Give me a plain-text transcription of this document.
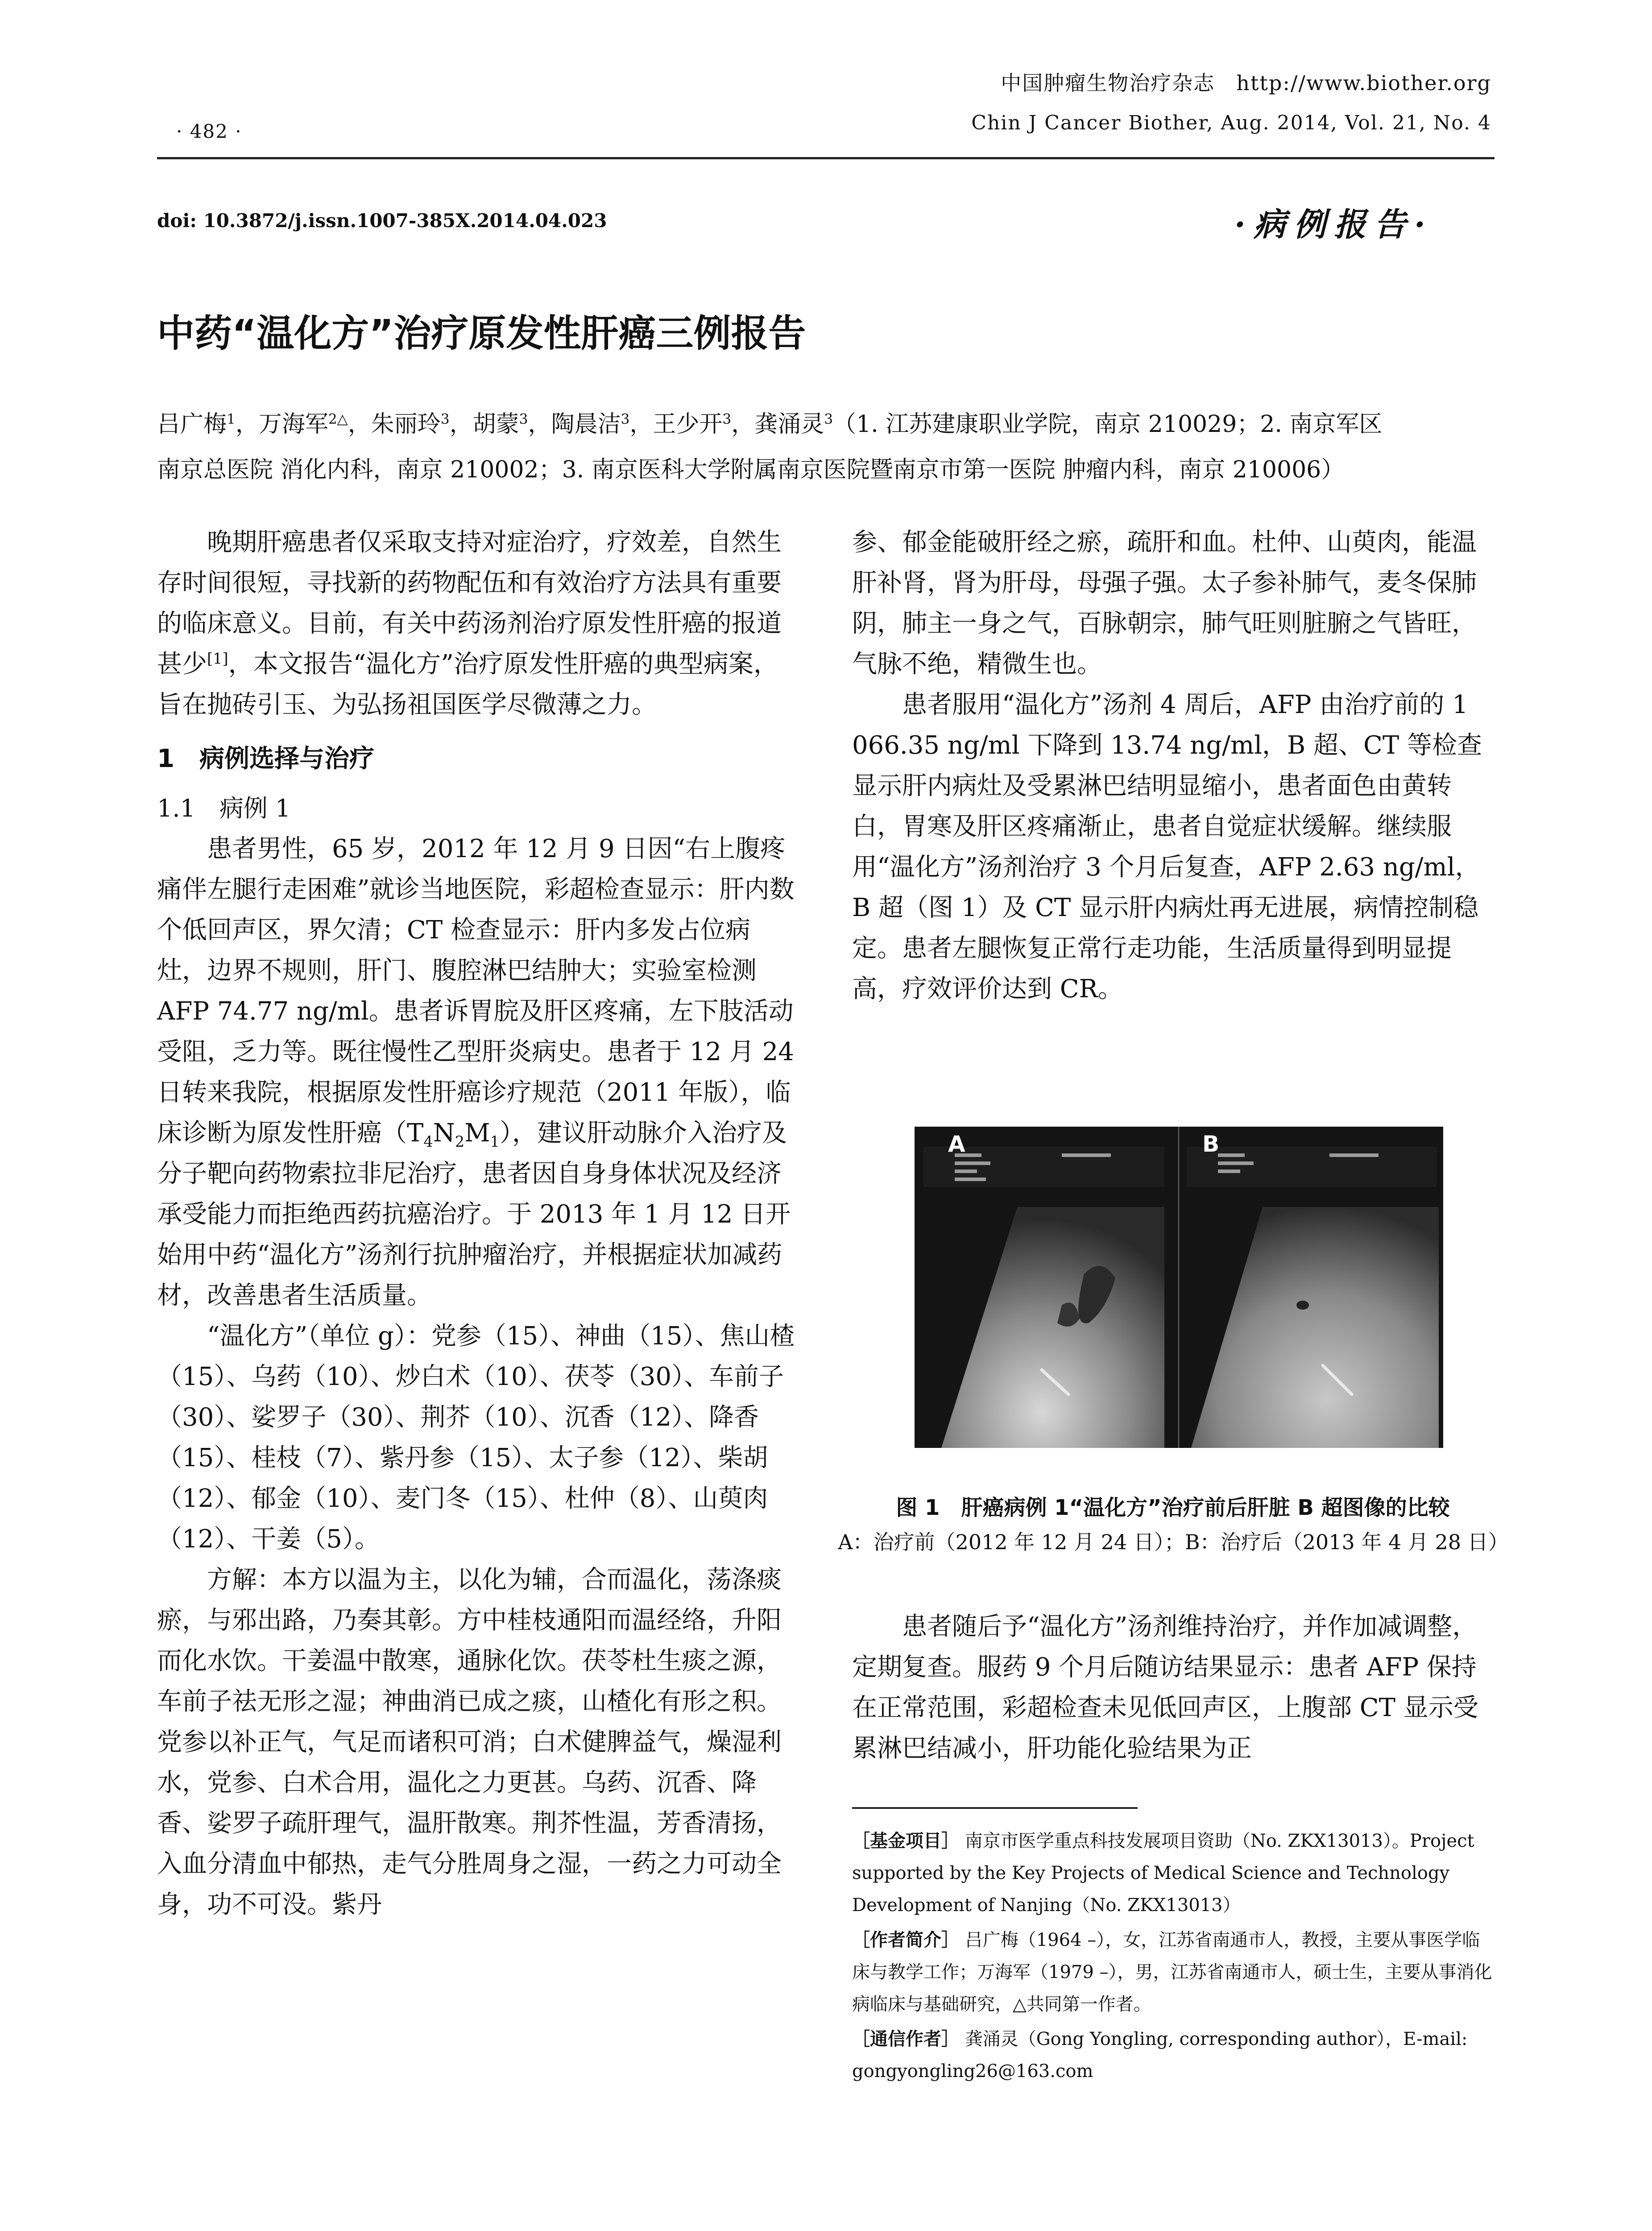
· 482 ·
中国肿瘤生物治疗杂志　http://www.biother.org
Chin J Cancer Biother, Aug. 2014, Vol. 21, No. 4
doi: 10.3872/j.issn.1007-385X.2014.04.023	·病例报告·
中药“温化方”治疗原发性肝癌三例报告
吕广梅$^1$，万海军$^{2\triangle}$，朱丽玲$^3$，胡蒙$^3$，陶晨洁$^3$，王少开$^3$，龚涌灵$^3$（1. 江苏建康职业学院，南京 210029；2. 南京军区
南京总医院 消化内科，南京 210002；3. 南京医科大学附属南京医院暨南京市第一医院 肿瘤内科，南京 210006）

晚期肝癌患者仅采取支持对症治疗，疗效差，自然生存时间很短，寻找新的药物配伍和有效治疗方法具有重要的临床意义。目前，有关中药汤剂治疗原发性肝癌的报道甚少[1]，本文报告“温化方”治疗原发性肝癌的典型病案，旨在抛砖引玉、为弘扬祖国医学尽微薄之力。

1　病例选择与治疗
1.1　病例 1

患者男性，65 岁，2012 年 12 月 9 日因“右上腹疼痛伴左腿行走困难”就诊当地医院，彩超检查显示：肝内数个低回声区，界欠清；CT 检查显示：肝内多发占位病灶，边界不规则，肝门、腹腔淋巴结肿大；实验室检测 AFP 74.77 ng/ml。患者诉胃脘及肝区疼痛，左下肢活动受阻，乏力等。既往慢性乙型肝炎病史。患者于 12 月 24 日转来我院，根据原发性肝癌诊疗规范（2011 年版），临床诊断为原发性肝癌$(T_4N_2M_1)$，建议肝动脉介入治疗及分子靶向药物索拉非尼治疗，患者因自身身体状况及经济承受能力而拒绝西药抗癌治疗。于 2013 年 1 月 12 日开始用中药“温化方”汤剂行抗肿瘤治疗，并根据症状加减药材，改善患者生活质量。

“温化方”（单位 g）：党参（15）、神曲（15）、焦山楂（15）、乌药（10）、炒白术（10）、茯苓（30）、车前子（30）、娑罗子（30）、荆芥（10）、沉香（12）、降香（15）、桂枝（7）、紫丹参（15）、太子参（12）、柴胡（12）、郁金（10）、麦门冬（15）、杜仲（8）、山萸肉（12）、干姜（5）。

方解：本方以温为主，以化为辅，合而温化，荡涤痰瘀，与邪出路，乃奏其彰。方中桂枝通阳而温经络，升阳而化水饮。干姜温中散寒，通脉化饮。茯苓杜生痰之源，车前子祛无形之湿；神曲消已成之痰，山楂化有形之积。党参以补正气，气足而诸积可消；白术健脾益气，燥湿利水，党参、白术合用，温化之力更甚。乌药、沉香、降香、娑罗子疏肝理气，温肝散寒。荆芥性温，芳香清扬，入血分清血中郁热，走气分胜周身之湿，一药之力可动全身，功不可没。紫丹

参、郁金能破肝经之瘀，疏肝和血。杜仲、山萸肉，能温肝补肾，肾为肝母，母强子强。太子参补肺气，麦冬保肺阴，肺主一身之气，百脉朝宗，肺气旺则脏腑之气皆旺，气脉不绝，精微生也。

患者服用“温化方”汤剂 4 周后，AFP 由治疗前的 1 066.35 ng/ml 下降到 13.74 ng/ml，B 超、CT 等检查显示肝内病灶及受累淋巴结明显缩小，患者面色由黄转白，胃寒及肝区疼痛渐止，患者自觉症状缓解。继续服用“温化方”汤剂治疗 3 个月后复查，AFP 2.63 ng/ml，B 超（图 1）及 CT 显示肝内病灶再无进展，病情控制稳定。患者左腿恢复正常行走功能，生活质量得到明显提高，疗效评价达到 CR。

A	B
图 1　肝癌病例 1“温化方”治疗前后肝脏 B 超图像的比较
A：治疗前（2012 年 12 月 24 日）；B：治疗后（2013 年 4 月 28 日）

患者随后予“温化方”汤剂维持治疗，并作加减调整，定期复查。服药 9 个月后随访结果显示：患者 AFP 保持在正常范围，彩超检查未见低回声区，上腹部 CT 显示受累淋巴结减小，肝功能化验结果为正

［基金项目］ 南京市医学重点科技发展项目资助（No. ZKX13013）。Project supported by the Key Projects of Medical Science and Technology Development of Nanjing（No. ZKX13013）

［作者简介］ 吕广梅（1964 –），女，江苏省南通市人，教授，主要从事医学临床与教学工作；万海军（1979 –），男，江苏省南通市人，硕士生，主要从事消化病临床与基础研究，△共同第一作者。

［通信作者］ 龚涌灵（Gong Yongling, corresponding author），E-mail: gongyongling26@163.com
